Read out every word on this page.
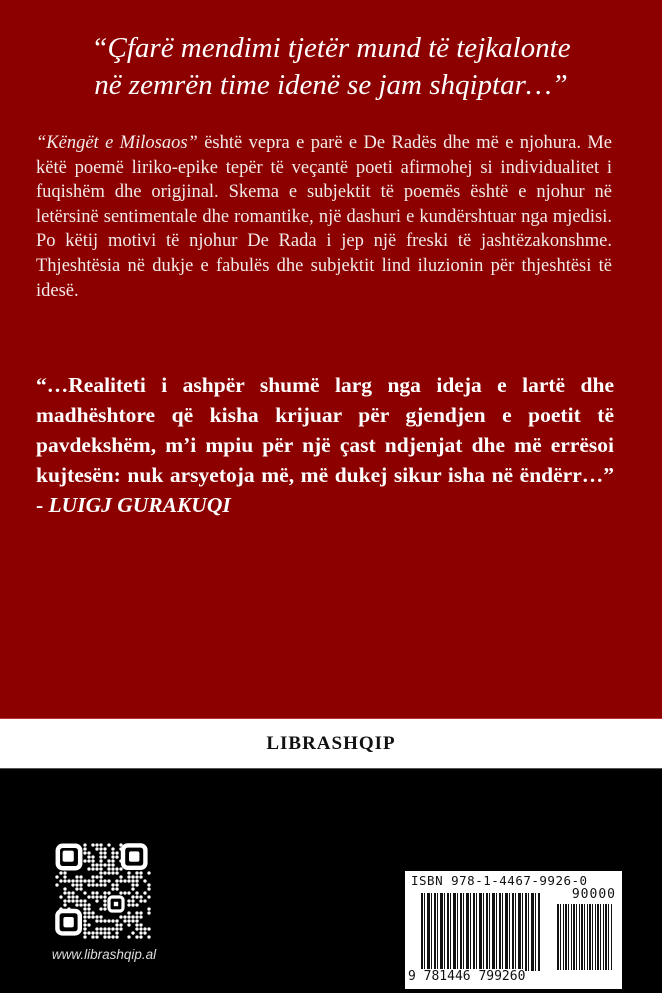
“Çfarë mendimi tjetër mund të tejkalonte
në zemrën time idenë se jam shqiptar…”
“Këngët e Milosaos” është vepra e parë e De Radës dhe më e njohura. Me këtë poemë liriko-epike tepër të veçantë poeti afirmohej si individualitet i fuqishëm dhe origjinal. Skema e subjektit të poemës është e njohur në letërsinë sentimentale dhe romantike, një dashuri e kundërshtuar nga mjedisi. Po këtij motivi të njohur De Rada i jep një freski të jashtëzakonshme. Thjeshtësia në dukje e fabulës dhe subjektit lind iluzionin për thjeshtësi të idesë.
“…Realiteti i ashpër shumë larg nga ideja e lartë dhe madhështore që kisha krijuar për gjendjen e poetit të pavdekshëm, m’i mpiu për një çast ndjenjat dhe më errësoi kujtesën: nuk arsyetoja më, më dukej sikur isha në ëndërr…” - LUIGJ GURAKUQI
LIBRASHQIP
www.librashqip.al
ISBN 978-1-4467-9926-0
90000
9 781446 799260
